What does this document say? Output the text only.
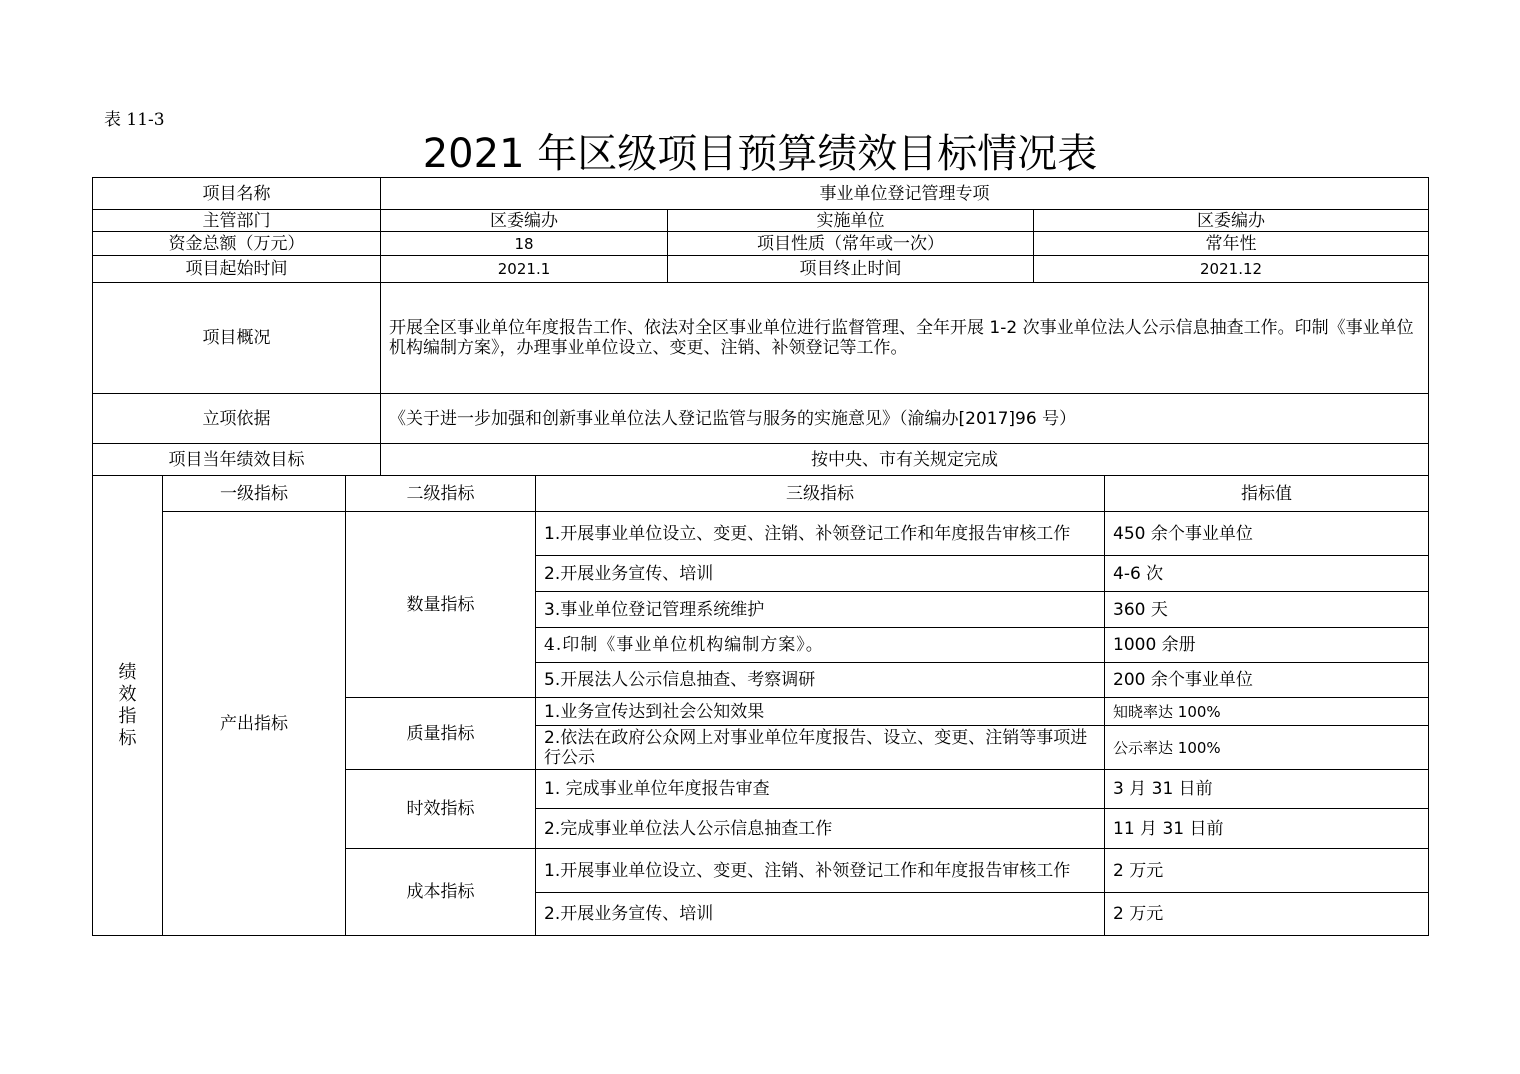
表 11-3
2021 年区级项目预算绩效目标情况表
项目名称			事业单位登记管理专项				
主管部门			区委编办		实施单位	区委编办	
资金总额（万元）			18		项目性质（常年或一次）	常年性	
项目起始时间			2021.1		项目终止时间	2021.12	
项目概况			开展全区事业单位年度报告工作、依法对全区事业单位进行监督管理、全年开展 1-2 次事业单位法人公示信息抽查工作。印制《事业单位机构编制方案》，办理事业单位设立、变更、注销、补领登记等工作。				
立项依据			《关于进一步加强和创新事业单位法人登记监管与服务的实施意见》（渝编办[2017]96 号）				
项目当年绩效目标			按中央、市有关规定完成				

绩效指标	一级指标	二级指标		三级指标			指标值
	产出指标	数量指标		1.开展事业单位设立、变更、注销、补领登记工作和年度报告审核工作			450 余个事业单位
				2.开展业务宣传、培训			4-6 次
				3.事业单位登记管理系统维护			360 天
				4.印制《事业单位机构编制方案》。			1000 余册
				5.开展法人公示信息抽查、考察调研			200 余个事业单位
		质量指标		1.业务宣传达到社会公知效果			知晓率达 100%
				2.依法在政府公众网上对事业单位年度报告、设立、变更、注销等事项进行公示			公示率达 100%
		时效指标		1. 完成事业单位年度报告审查			3 月 31 日前
				2.完成事业单位法人公示信息抽查工作			11 月 31 日前
		成本指标		1.开展事业单位设立、变更、注销、补领登记工作和年度报告审核工作			2 万元
				2.开展业务宣传、培训			2 万元
